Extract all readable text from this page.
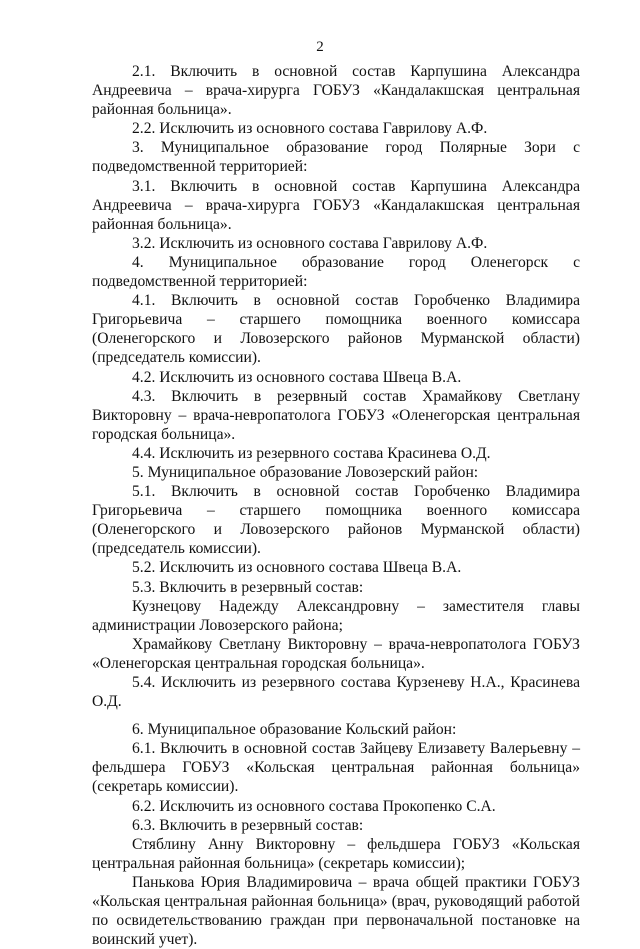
2

2.1. Включить в основной состав Карпушина Александра Андреевича – врача-хирурга ГОБУЗ «Кандалакшская центральная районная больница».

2.2. Исключить из основного состава Гаврилову А.Ф.

3. Муниципальное образование город Полярные Зори с подведомственной территорией:

3.1. Включить в основной состав Карпушина Александра Андреевича – врача-хирурга ГОБУЗ «Кандалакшская центральная районная больница».

3.2. Исключить из основного состава Гаврилову А.Ф.

4. Муниципальное образование город Оленегорск с подведомственной территорией:

4.1. Включить в основной состав Горобченко Владимира Григорьевича – старшего помощника военного комиссара (Оленегорского и Ловозерского районов Мурманской области) (председатель комиссии).

4.2. Исключить из основного состава Швеца В.А.

4.3. Включить в резервный состав Храмайкову Светлану Викторовну – врача-невропатолога ГОБУЗ «Оленегорская центральная городская больница».

4.4. Исключить из резервного состава Красинева О.Д.

5. Муниципальное образование Ловозерский район:

5.1. Включить в основной состав Горобченко Владимира Григорьевича – старшего помощника военного комиссара (Оленегорского и Ловозерского районов Мурманской области) (председатель комиссии).

5.2. Исключить из основного состава Швеца В.А.

5.3. Включить в резервный состав:

Кузнецову Надежду Александровну – заместителя главы администрации Ловозерского района;

Храмайкову Светлану Викторовну – врача-невропатолога ГОБУЗ «Оленегорская центральная городская больница».

5.4. Исключить из резервного состава Курзеневу Н.А., Красинева О.Д.

6. Муниципальное образование Кольский район:

6.1. Включить в основной состав Зайцеву Елизавету Валерьевну – фельдшера ГОБУЗ «Кольская центральная районная больница» (секретарь комиссии).

6.2. Исключить из основного состава Прокопенко С.А.

6.3. Включить в резервный состав:

Стяблину Анну Викторовну – фельдшера ГОБУЗ «Кольская центральная районная больница» (секретарь комиссии);

Панькова Юрия Владимировича – врача общей практики ГОБУЗ «Кольская центральная районная больница» (врач, руководящий работой по освидетельствованию граждан при первоначальной постановке на воинский учет).
